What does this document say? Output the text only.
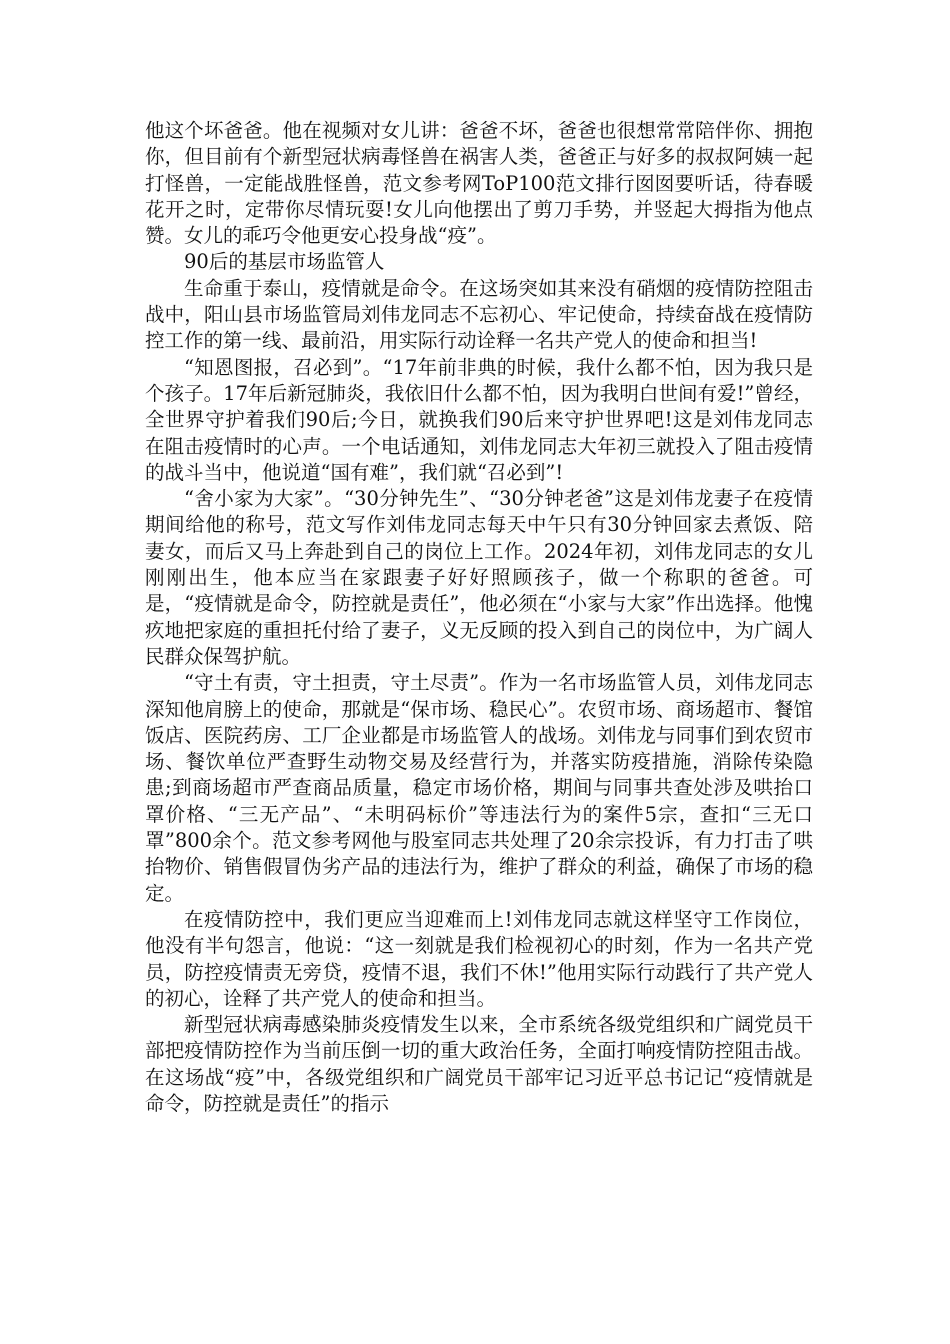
他这个坏爸爸。他在视频对女儿讲：爸爸不坏，爸爸也很想常常陪伴你、拥抱你，但目前有个新型冠状病毒怪兽在祸害人类，爸爸正与好多的叔叔阿姨一起打怪兽，一定能战胜怪兽，范文参考网ToP100范文排行囡囡要听话，待春暖花开之时，定带你尽情玩耍!女儿向他摆出了剪刀手势，并竖起大拇指为他点赞。女儿的乖巧令他更安心投身战“疫”。

90后的基层市场监管人

生命重于泰山，疫情就是命令。在这场突如其来没有硝烟的疫情防控阻击战中，阳山县市场监管局刘伟龙同志不忘初心、牢记使命，持续奋战在疫情防控工作的第一线、最前沿，用实际行动诠释一名共产党人的使命和担当!

“知恩图报，召必到”。“17年前非典的时候，我什么都不怕，因为我只是个孩子。17年后新冠肺炎，我依旧什么都不怕，因为我明白世间有爱!”曾经，全世界守护着我们90后;今日，就换我们90后来守护世界吧!这是刘伟龙同志在阻击疫情时的心声。一个电话通知，刘伟龙同志大年初三就投入了阻击疫情的战斗当中，他说道“国有难”，我们就“召必到”!

“舍小家为大家”。“30分钟先生”、“30分钟老爸”这是刘伟龙妻子在疫情期间给他的称号，范文写作刘伟龙同志每天中午只有30分钟回家去煮饭、陪妻女，而后又马上奔赴到自己的岗位上工作。2024年初，刘伟龙同志的女儿刚刚出生，他本应当在家跟妻子好好照顾孩子，做一个称职的爸爸。可是，“疫情就是命令，防控就是责任”，他必须在“小家与大家”作出选择。他愧疚地把家庭的重担托付给了妻子，义无反顾的投入到自己的岗位中，为广阔人民群众保驾护航。

“守土有责，守土担责，守土尽责”。作为一名市场监管人员，刘伟龙同志深知他肩膀上的使命，那就是“保市场、稳民心”。农贸市场、商场超市、餐馆饭店、医院药房、工厂企业都是市场监管人的战场。刘伟龙与同事们到农贸市场、餐饮单位严查野生动物交易及经营行为，并落实防疫措施，消除传染隐患;到商场超市严查商品质量，稳定市场价格，期间与同事共查处涉及哄抬口罩价格、“三无产品”、“未明码标价”等违法行为的案件5宗，查扣“三无口罩”800余个。范文参考网他与股室同志共处理了20余宗投诉，有力打击了哄抬物价、销售假冒伪劣产品的违法行为，维护了群众的利益，确保了市场的稳定。

在疫情防控中，我们更应当迎难而上!刘伟龙同志就这样坚守工作岗位，他没有半句怨言，他说：“这一刻就是我们检视初心的时刻，作为一名共产党员，防控疫情责无旁贷，疫情不退，我们不休!”他用实际行动践行了共产党人的初心，诠释了共产党人的使命和担当。

新型冠状病毒感染肺炎疫情发生以来，全市系统各级党组织和广阔党员干部把疫情防控作为当前压倒一切的重大政治任务，全面打响疫情防控阻击战。在这场战“疫”中，各级党组织和广阔党员干部牢记习近平总书记记“疫情就是命令，防控就是责任”的指示
